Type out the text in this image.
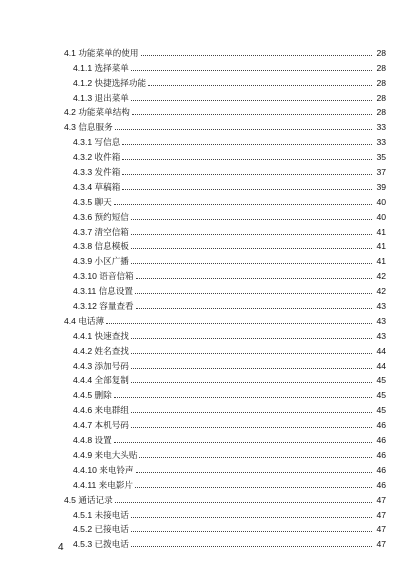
4.1 功能菜单的使用	28
4.1.1 选择菜单	28
4.1.2 快捷选择功能	28
4.1.3 退出菜单	28
4.2 功能菜单结构	28
4.3 信息服务	33
4.3.1 写信息	33
4.3.2 收件箱	35
4.3.3 发件箱	37
4.3.4 草稿箱	39
4.3.5 聊天	40
4.3.6 预约短信	40
4.3.7 清空信箱	41
4.3.8 信息模板	41
4.3.9 小区广播	41
4.3.10 语音信箱	42
4.3.11 信息设置	42
4.3.12 容量查看	43
4.4 电话薄	43
4.4.1 快速查找	43
4.4.2 姓名查找	44
4.4.3 添加号码	44
4.4.4 全部复制	45
4.4.5 删除	45
4.4.6 来电群组	45
4.4.7 本机号码	46
4.4.8 设置	46
4.4.9 来电大头贴	46
4.4.10 来电铃声	46
4.4.11 来电影片	46
4.5 通话记录	47
4.5.1 未接电话	47
4.5.2 已接电话	47
4.5.3 已拨电话	47
4
